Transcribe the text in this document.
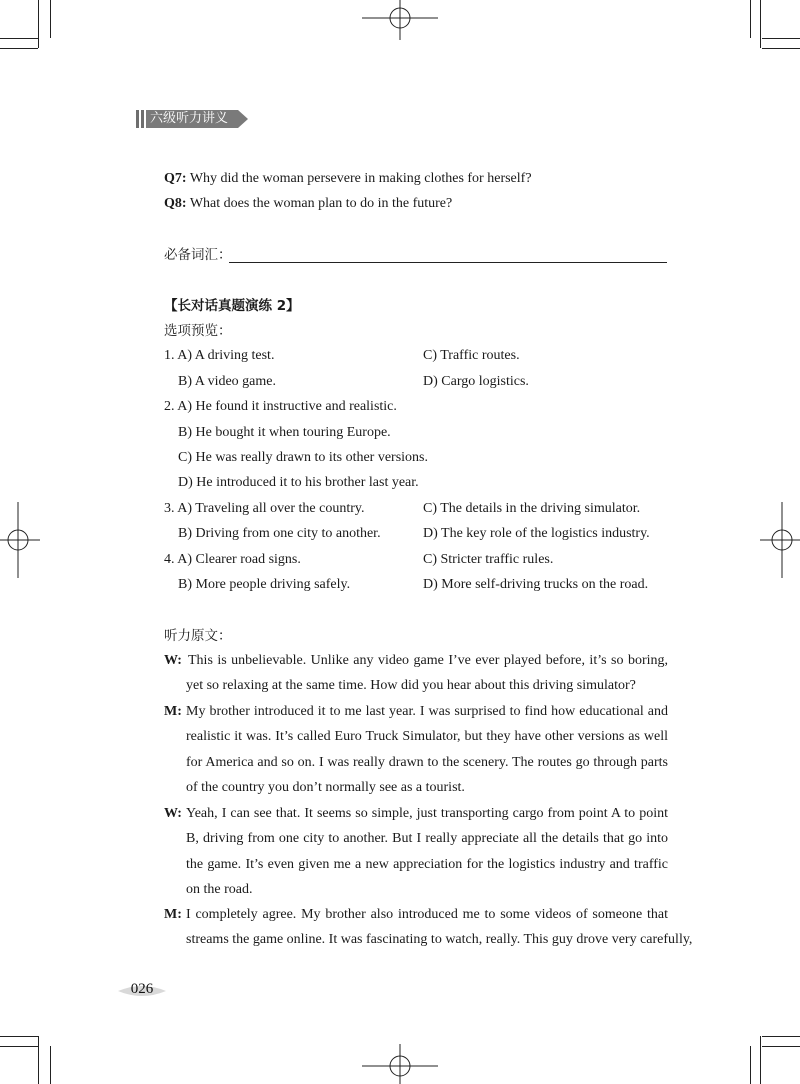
六级听力讲义
Q7: Why did the woman persevere in making clothes for herself?
Q8: What does the woman plan to do in the future?
必备词汇：
【长对话真题演练 2】
选项预览：
1. A) A driving test.	C) Traffic routes.
B) A video game.	D) Cargo logistics.
2. A) He found it instructive and realistic.
B) He bought it when touring Europe.
C) He was really drawn to its other versions.
D) He introduced it to his brother last year.
3. A) Traveling all over the country.	C) The details in the driving simulator.
B) Driving from one city to another.	D) The key role of the logistics industry.
4. A) Clearer road signs.	C) Stricter traffic rules.
B) More people driving safely.	D) More self-driving trucks on the road.
听力原文：
W: This is unbelievable. Unlike any video game I’ve ever played before, it’s so boring,
yet so relaxing at the same time. How did you hear about this driving simulator?
M: My brother introduced it to me last year. I was surprised to find how educational and
realistic it was. It’s called Euro Truck Simulator, but they have other versions as well
for America and so on. I was really drawn to the scenery. The routes go through parts
of the country you don’t normally see as a tourist.
W: Yeah, I can see that. It seems so simple, just transporting cargo from point A to point
B, driving from one city to another. But I really appreciate all the details that go into
the game. It’s even given me a new appreciation for the logistics industry and traffic
on the road.
M: I completely agree. My brother also introduced me to some videos of someone that
streams the game online. It was fascinating to watch, really. This guy drove very carefully,
026
